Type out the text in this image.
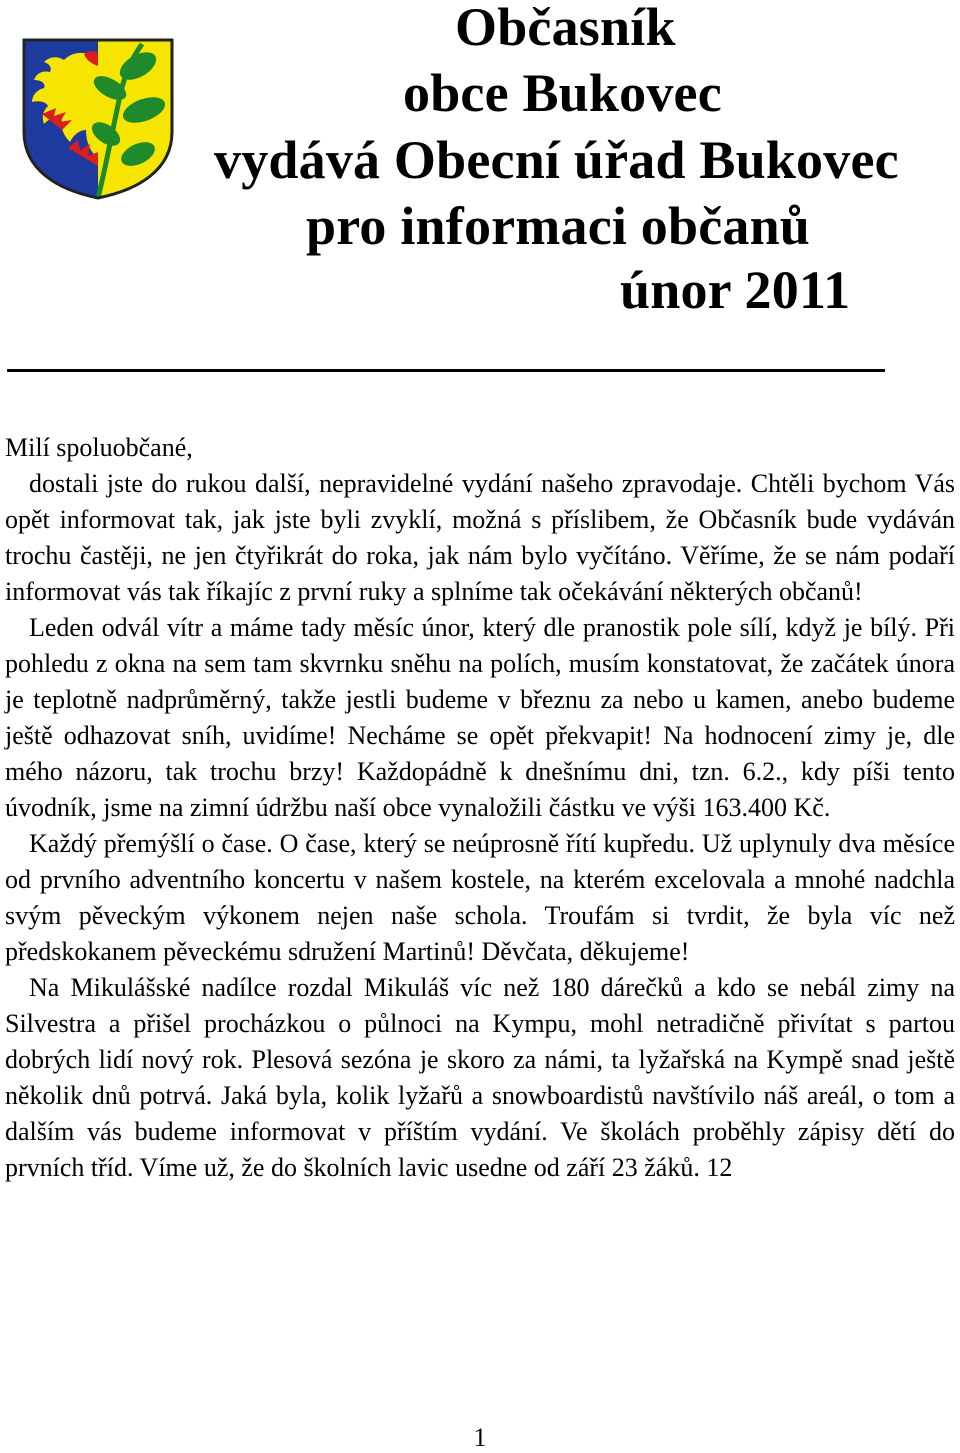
Občasník
obce Bukovec
vydává Obecní úřad Bukovec
pro informaci občanů
únor 2011

Milí spoluobčané,

dostali jste do rukou další, nepravidelné vydání našeho zpravodaje. Chtěli bychom Vás opět informovat tak, jak jste byli zvyklí, možná s příslibem, že Občasník bude vydáván trochu častěji, ne jen čtyřikrát do roka, jak nám bylo vyčítáno. Věříme, že se nám podaří informovat vás tak říkajíc z první ruky a splníme tak očekávání některých občanů!

Leden odvál vítr a máme tady měsíc únor, který dle pranostik pole sílí, když je bílý. Při pohledu z okna na sem tam skvrnku sněhu na polích, musím konstatovat, že začátek února je teplotně nadprůměrný, takže jestli budeme v březnu za nebo u kamen, anebo budeme ještě odhazovat sníh, uvidíme! Necháme se opět překvapit! Na hodnocení zimy je, dle mého názoru, tak trochu brzy! Každopádně k dnešnímu dni, tzn. 6.2., kdy píši tento úvodník, jsme na zimní údržbu naší obce vynaložili částku ve výši 163.400 Kč.

Každý přemýšlí o čase. O čase, který se neúprosně řítí kupředu. Už uplynuly dva měsíce od prvního adventního koncertu v našem kostele, na kterém excelovala a mnohé nadchla svým pěveckým výkonem nejen naše schola. Troufám si tvrdit, že byla víc než předskokanem pěveckému sdružení Martinů! Děvčata, děkujeme!

Na Mikulášské nadílce rozdal Mikuláš víc než 180 dárečků a kdo se nebál zimy na Silvestra a přišel procházkou o půlnoci na Kympu, mohl netradičně přivítat s partou dobrých lidí nový rok. Plesová sezóna je skoro za námi, ta lyžařská na Kympě snad ještě několik dnů potrvá. Jaká byla, kolik lyžařů a snowboardistů navštívilo náš areál, o tom a dalším vás budeme informovat v příštím vydání. Ve školách proběhly zápisy dětí do prvních tříd. Víme už, že do školních lavic usedne od září 23 žáků. 12

1
